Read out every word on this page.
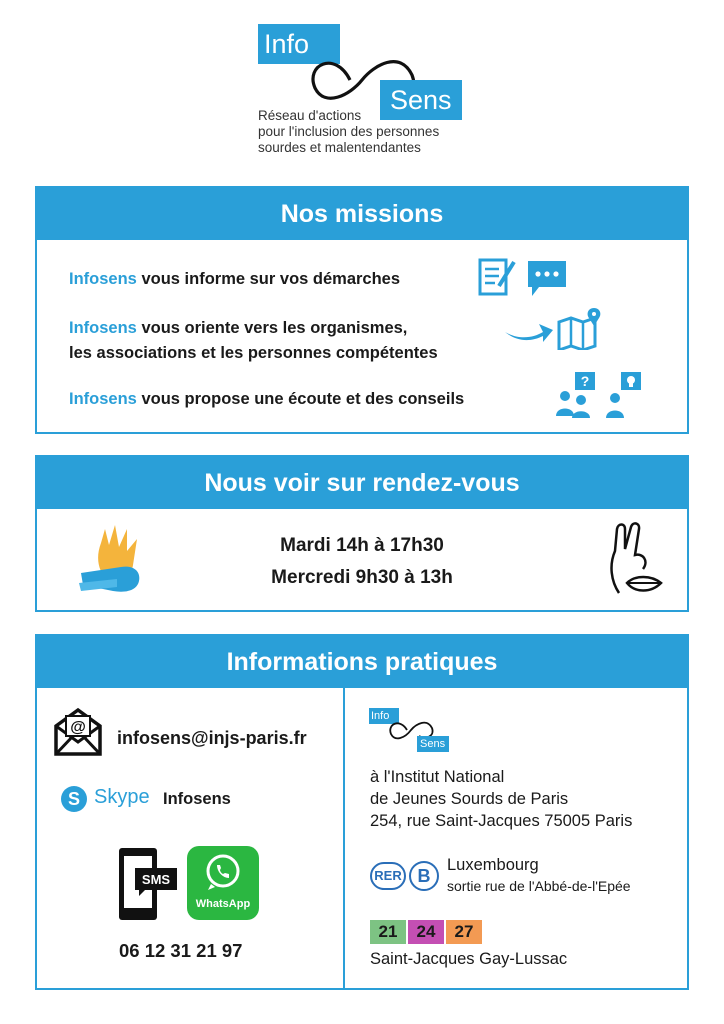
Info
Sens
Réseau d'actions
pour l'inclusion des personnes
sourdes et malentendantes
Nos missions
Infosens vous informe sur vos démarches
Infosens vous oriente vers les organismes,
les associations et les personnes compétentes
Infosens vous propose une écoute et des conseils
?
Nous voir sur rendez-vous
Mardi 14h à 17h30
Mercredi 9h30 à 13h
Informations pratiques
@
infosens@injs-paris.fr
S Skype Infosens
SMS
WhatsApp
06 12 31 21 97
Info
Sens
à l'Institut National
de Jeunes Sourds de Paris
254, rue Saint-Jacques 75005 Paris
RER B
Luxembourg
sortie rue de l'Abbé-de-l'Epée
21	24	27
Saint-Jacques Gay-Lussac
